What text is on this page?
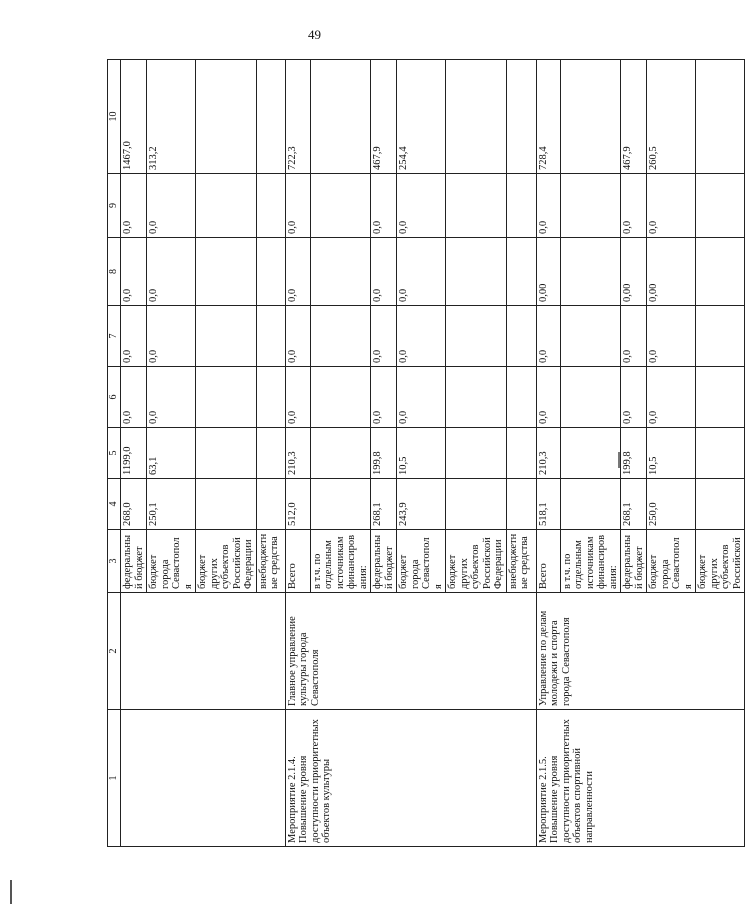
49
1	2	3	4	5	6	7	8	9	10
		федеральный бюджет	268,0	1199,0	0,0	0,0	0,0	0,0	1467,0
		бюджет города Севастополя	250,1	63,1	0,0	0,0	0,0	0,0	313,2
		бюджет других субъектов Российской Федерации							
		внебюджетные средства							
Мероприятие 2.1.4. Повышение уровня доступности приоритетных объектов культуры	Главное управление культуры города Севастополя	Всего	512,0	210,3	0,0	0,0	0,0	0,0	722,3
		в т.ч. по отдельным источникам финансирования:							
		федеральный бюджет	268,1	199,8	0,0	0,0	0,0	0,0	467,9
		бюджет города Севастополя	243,9	10,5	0,0	0,0	0,0	0,0	254,4
		бюджет других субъектов Российской Федерации							
		внебюджетные средства							
Мероприятие 2.1.5. Повышение уровня доступности приоритетных объектов спортивной направленности	Управление по делам молодежи и спорта города Севастополя	Всего	518,1	210,3	0,0	0,0	0,00	0,0	728,4
		в т.ч. по отдельным источникам финансирования:							
		федеральный бюджет	268,1	199,8	0,0	0,0	0,00	0,0	467,9
		бюджет города Севастополя	250,0	10,5	0,0	0,0	0,00	0,0	260,5
		бюджет других субъектов Российской							
